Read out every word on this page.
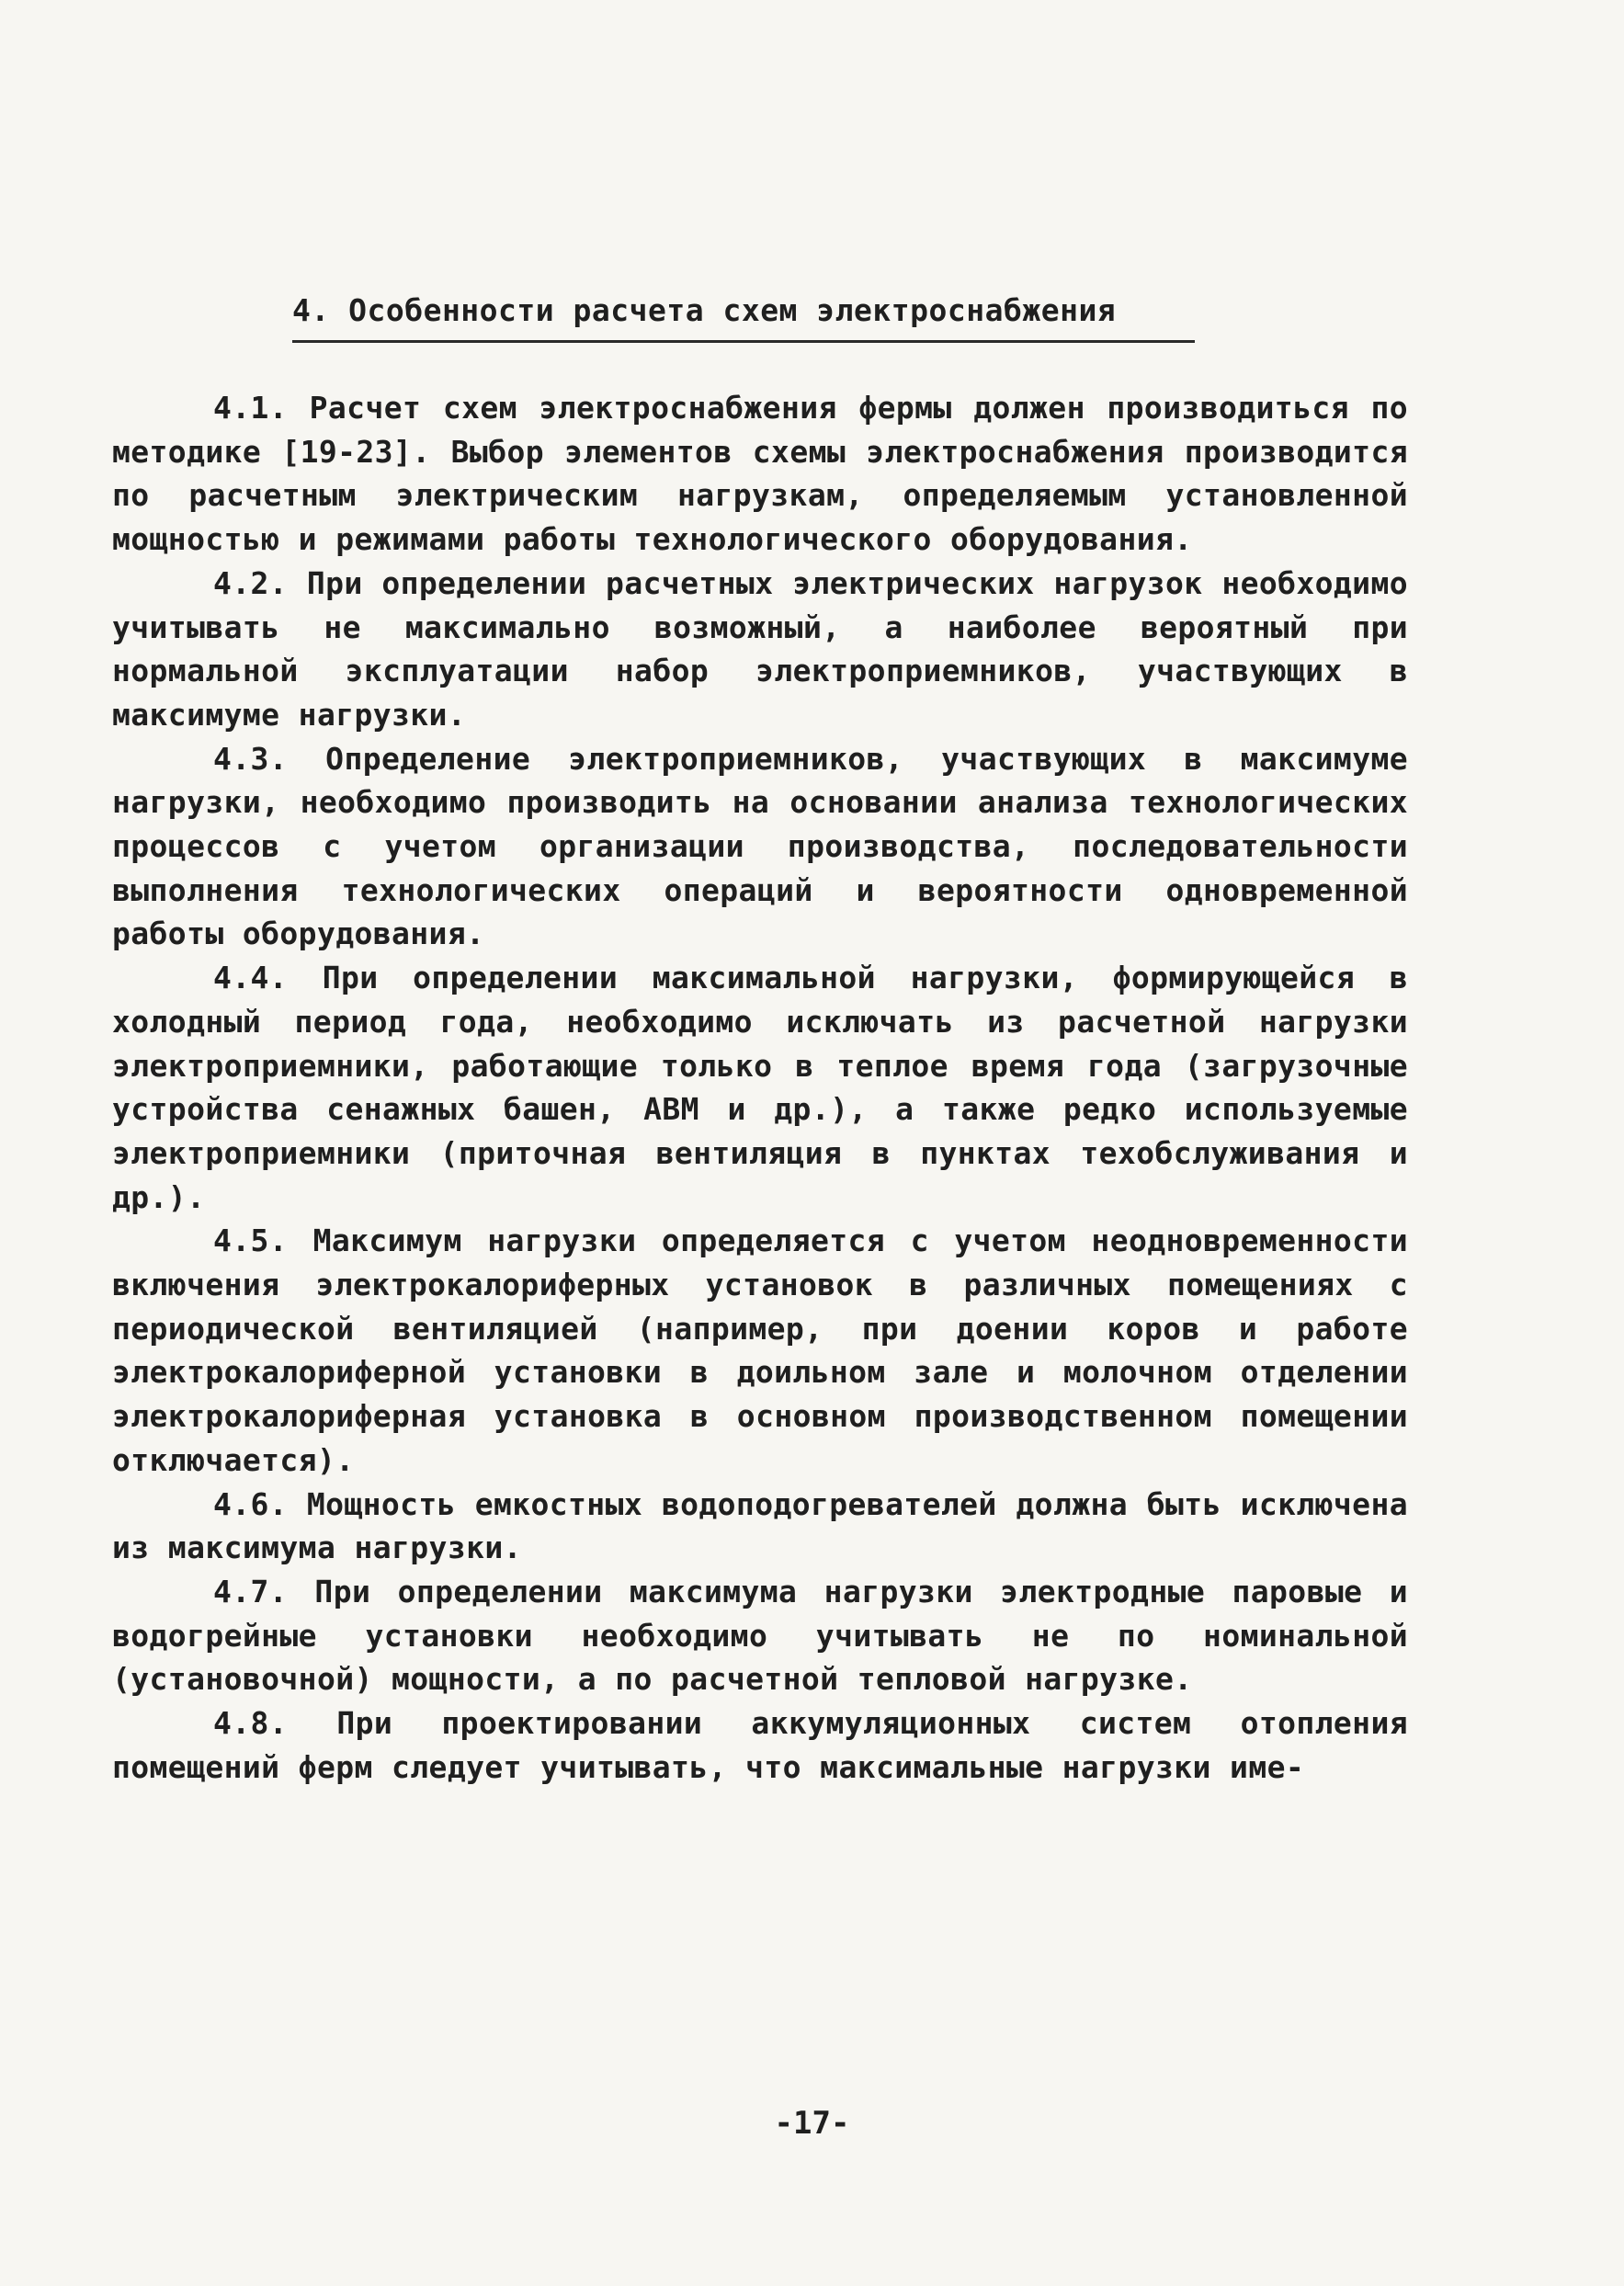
4. Особенности расчета схем электроснабжения

4.1. Расчет схем электроснабжения фермы должен производиться по методике [19-23]. Выбор элементов схемы электроснабжения производится по расчетным электрическим нагрузкам, определяемым установленной мощностью и режимами работы технологического оборудования.

4.2. При определении расчетных электрических нагрузок необходимо учитывать не максимально возможный, а наиболее вероятный при нормальной эксплуатации набор электроприемников, участвующих в максимуме нагрузки.

4.3. Определение электроприемников, участвующих в максимуме нагрузки, необходимо производить на основании анализа технологических процессов с учетом организации производства, последовательности выполнения технологических операций и вероятности одновременной работы оборудования.

4.4. При определении максимальной нагрузки, формирующейся в холодный период года, необходимо исключать из расчетной нагрузки электроприемники, работающие только в теплое время года (загрузочные устройства сенажных башен, АВМ и др.), а также редко используемые электроприемники (приточная вентиляция в пунктах техобслуживания и др.).

4.5. Максимум нагрузки определяется с учетом неодновременности включения электрокалориферных установок в различных помещениях с периодической вентиляцией (например, при доении коров и работе электрокалориферной установки в доильном зале и молочном отделении электрокалориферная установка в основном производственном помещении отключается).

4.6. Мощность емкостных водоподогревателей должна быть исключена из максимума нагрузки.

4.7. При определении максимума нагрузки электродные паровые и водогрейные установки необходимо учитывать не по номинальной (установочной) мощности, а по расчетной тепловой нагрузке.

4.8. При проектировании аккумуляционных систем отопления помещений ферм следует учитывать, что максимальные нагрузки име-

-17-
